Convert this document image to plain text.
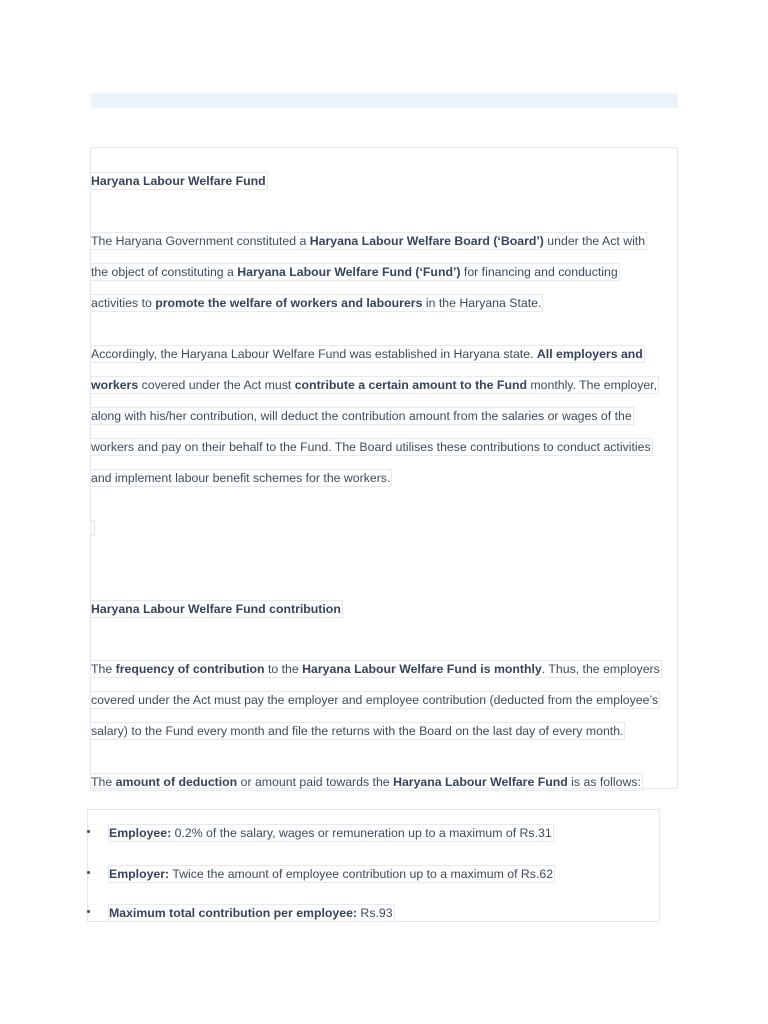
Haryana Labour Welfare Fund
The Haryana Government constituted a Haryana Labour Welfare Board (‘Board’) under the Act with
the object of constituting a Haryana Labour Welfare Fund (‘Fund’) for financing and conducting
activities to promote the welfare of workers and labourers in the Haryana State.
Accordingly, the Haryana Labour Welfare Fund was established in Haryana state. All employers and
workers covered under the Act must contribute a certain amount to the Fund monthly. The employer,
along with his/her contribution, will deduct the contribution amount from the salaries or wages of the
workers and pay on their behalf to the Fund. The Board utilises these contributions to conduct activities
and implement labour benefit schemes for the workers.
Haryana Labour Welfare Fund contribution
The frequency of contribution to the Haryana Labour Welfare Fund is monthly. Thus, the employers
covered under the Act must pay the employer and employee contribution (deducted from the employee’s
salary) to the Fund every month and file the returns with the Board on the last day of every month.
The amount of deduction or amount paid towards the Haryana Labour Welfare Fund is as follows:
Employee: 0.2% of the salary, wages or remuneration up to a maximum of Rs.31
Employer: Twice the amount of employee contribution up to a maximum of Rs.62
Maximum total contribution per employee: Rs.93
